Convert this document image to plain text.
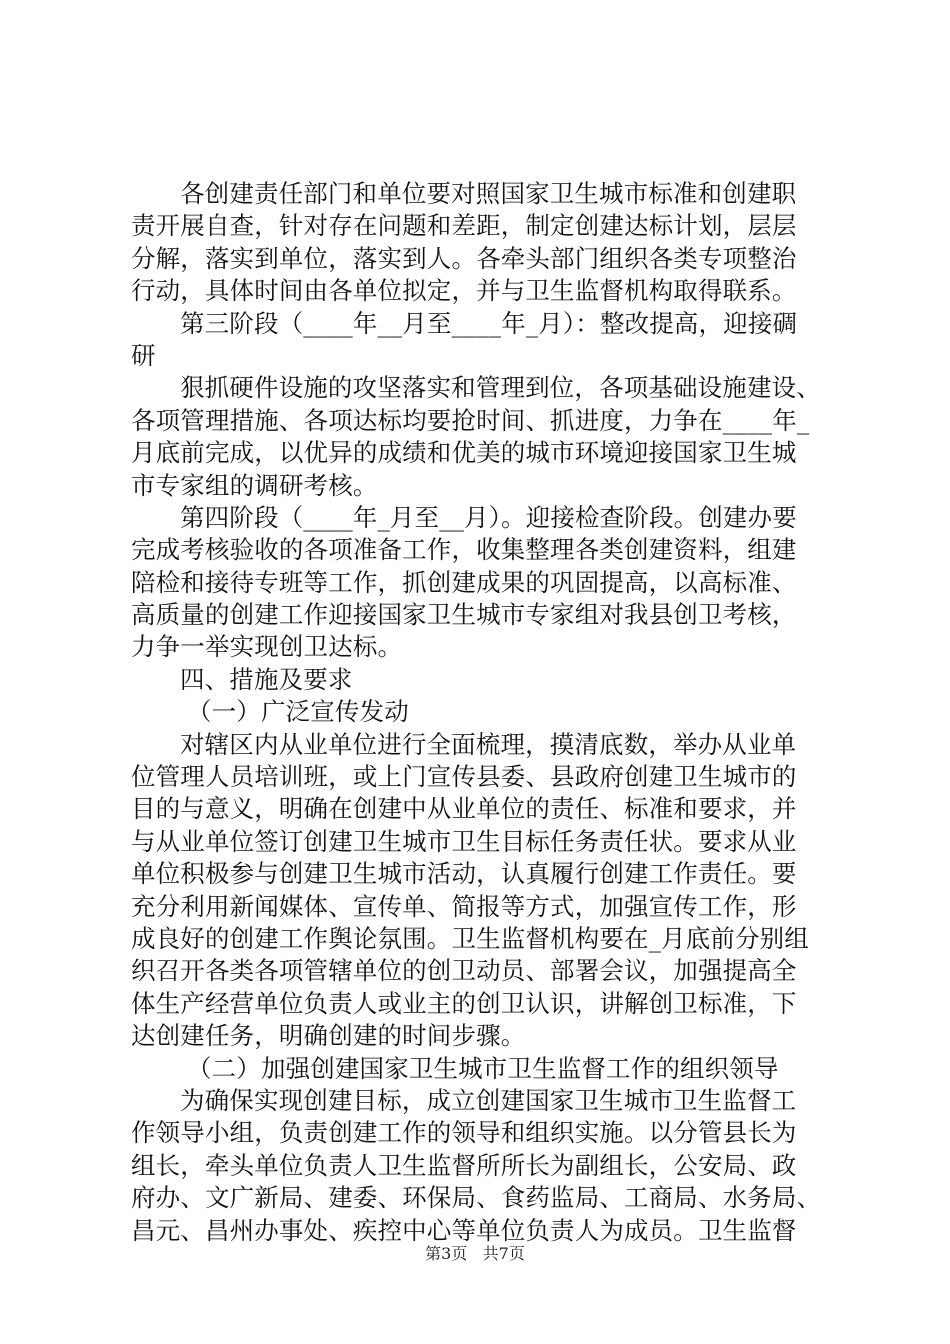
各创建责任部门和单位要对照国家卫生城市标准和创建职
责开展自查，针对存在问题和差距，制定创建达标计划，层层
分解，落实到单位，落实到人。各牵头部门组织各类专项整治
行动，具体时间由各单位拟定，并与卫生监督机构取得联系。
第三阶段（____年__月至____年_月）：整改提高，迎接碉
研
狠抓硬件设施的攻坚落实和管理到位，各项基础设施建设、
各项管理措施、各项达标均要抢时间、抓进度，力争在____年_
月底前完成，以优异的成绩和优美的城市环境迎接国家卫生城
市专家组的调研考核。
第四阶段（____年_月至__月）。迎接检查阶段。创建办要
完成考核验收的各项准备工作，收集整理各类创建资料，组建
陪检和接待专班等工作，抓创建成果的巩固提高，以高标准、
高质量的创建工作迎接国家卫生城市专家组对我县创卫考核，
力争一举实现创卫达标。
四、措施及要求
（一）广泛宣传发动
对辖区内从业单位进行全面梳理，摸清底数，举办从业单
位管理人员培训班，或上门宣传县委、县政府创建卫生城市的
目的与意义，明确在创建中从业单位的责任、标准和要求，并
与从业单位签订创建卫生城市卫生目标任务责任状。要求从业
单位积极参与创建卫生城市活动，认真履行创建工作责任。要
充分利用新闻媒体、宣传单、简报等方式，加强宣传工作，形
成良好的创建工作舆论氛围。卫生监督机构要在_月底前分别组
织召开各类各项管辖单位的创卫动员、部署会议，加强提高全
体生产经营单位负责人或业主的创卫认识，讲解创卫标准，下
达创建任务，明确创建的时间步骤。
（二）加强创建国家卫生城市卫生监督工作的组织领导
为确保实现创建目标，成立创建国家卫生城市卫生监督工
作领导小组，负责创建工作的领导和组织实施。以分管县长为
组长，牵头单位负责人卫生监督所所长为副组长，公安局、政
府办、文广新局、建委、环保局、食药监局、工商局、水务局、
昌元、昌州办事处、疾控中心等单位负责人为成员。卫生监督
第3页 共7页
